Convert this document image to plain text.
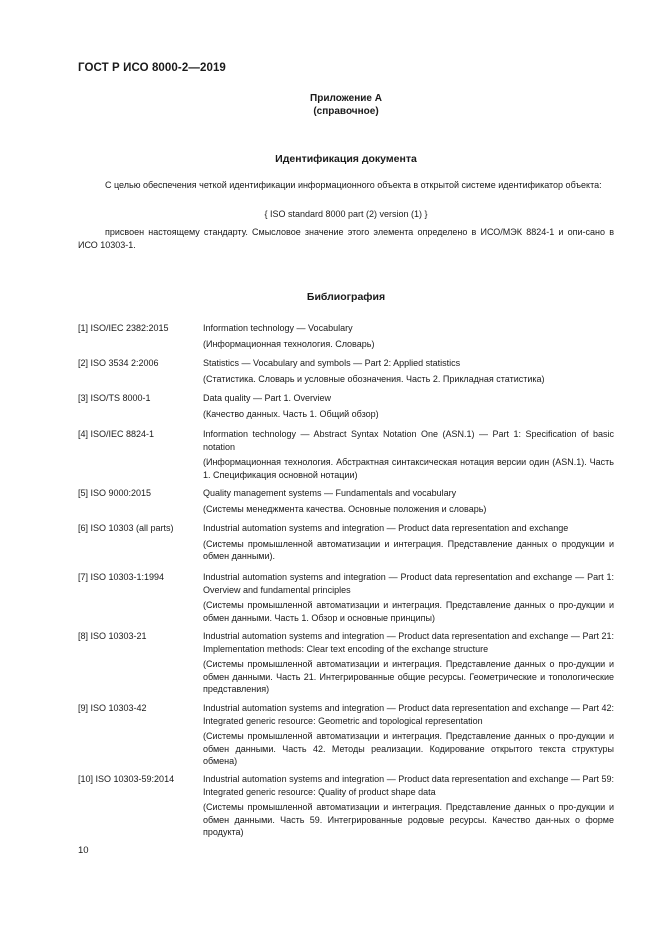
ГОСТ Р ИСО 8000-2—2019
Приложение А
(справочное)
Идентификация документа
С целью обеспечения четкой идентификации информационного объекта в открытой системе идентификатор объекта:
{ ISO standard 8000 part (2) version (1) }
присвоен настоящему стандарту. Смысловое значение этого элемента определено в ИСО/МЭК 8824-1 и опи-сано в ИСО 10303-1.
Библиография
[1] ISO/IEC 2382:2015	Information technology — Vocabulary
(Информационная технология. Словарь)
[2] ISO 3534 2:2006	Statistics — Vocabulary and symbols — Part 2: Applied statistics
(Статистика. Словарь и условные обозначения. Часть 2. Прикладная статистика)
[3] ISO/TS 8000-1	Data quality — Part 1. Overview
(Качество данных. Часть 1. Общий обзор)
[4] ISO/IEC 8824-1	Information technology — Abstract Syntax Notation One (ASN.1) — Part 1: Specification of basic notation
(Информационная технология. Абстрактная синтаксическая нотация версии один (ASN.1). Часть 1. Спецификация основной нотации)
[5] ISO 9000:2015	Quality management systems — Fundamentals and vocabulary
(Системы менеджмента качества. Основные положения и словарь)
[6] ISO 10303 (all parts)	Industrial automation systems and integration — Product data representation and exchange
(Системы промышленной автоматизации и интеграция. Представление данных о продукции и обмен данными).
[7] ISO 10303-1:1994	Industrial automation systems and integration — Product data representation and exchange — Part 1: Overview and fundamental principles
(Системы промышленной автоматизации и интеграция. Представление данных о про-дукции и обмен данными. Часть 1. Обзор и основные принципы)
[8] ISO 10303-21	Industrial automation systems and integration — Product data representation and exchange — Part 21: Implementation methods: Clear text encoding of the exchange structure
(Системы промышленной автоматизации и интеграция. Представление данных о про-дукции и обмен данными. Часть 21. Интегрированные общие ресурсы. Геометрические и топологические представления)
[9] ISO 10303-42	Industrial automation systems and integration — Product data representation and exchange — Part 42: Integrated generic resource: Geometric and topological representation
(Системы промышленной автоматизации и интеграция. Представление данных о про-дукции и обмен данными. Часть 42. Методы реализации. Кодирование открытого текста структуры обмена)
[10] ISO 10303-59:2014	Industrial automation systems and integration — Product data representation and exchange — Part 59: Integrated generic resource: Quality of product shape data
(Системы промышленной автоматизации и интеграция. Представление данных о про-дукции и обмен данными. Часть 59. Интегрированные родовые ресурсы. Качество дан-ных о форме продукта)
10
